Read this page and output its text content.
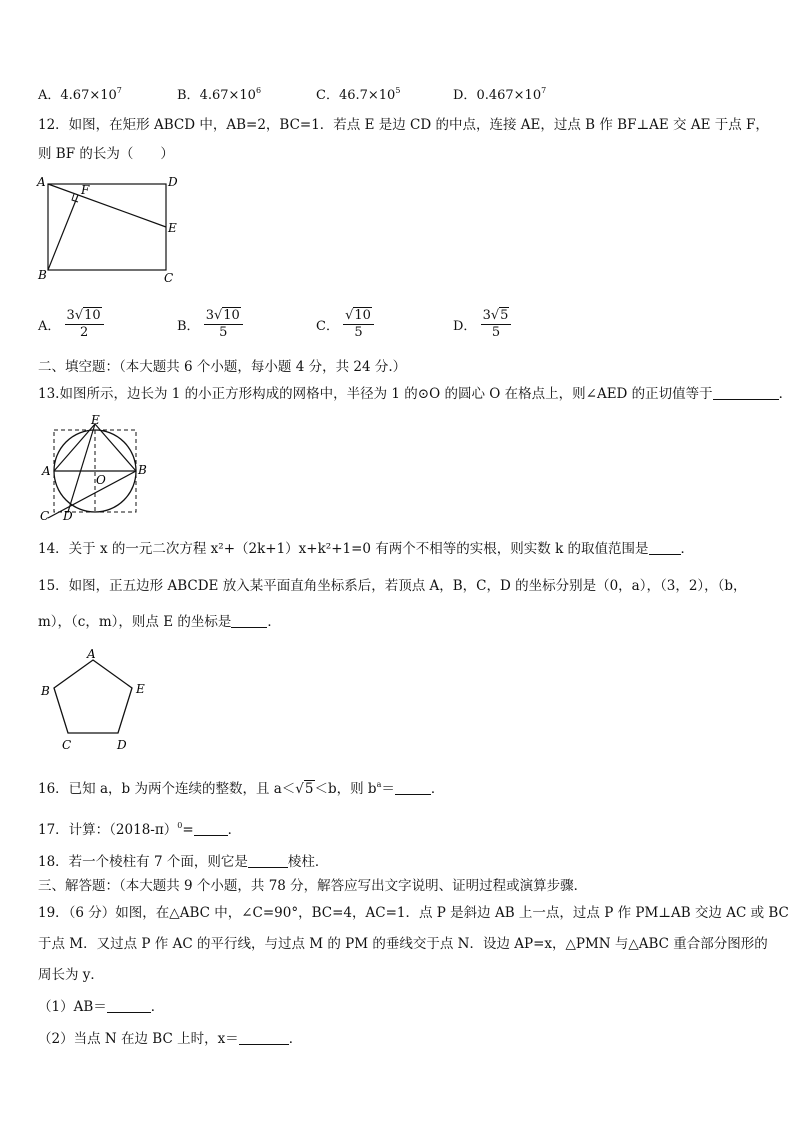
A．$4.67\times 10^7$	B．$4.67\times 10^6$	C．$46.7\times 10^5$	D．$0.467\times 10^7$
12．如图，在矩形 ABCD 中，AB=2，BC=1．若点 E 是边 CD 的中点，连接 AE，过点 B 作 BF⊥AE 交 AE 于点 F，
则 BF 的长为（　　）
A
F
D
E
B	C
A． $\frac{3√10}{2}$	B． $\frac{3√10}{5}$	C． $\frac{√10}{5}$	D． $\frac{3√5}{5}$
二、填空题：（本大题共 6 个小题，每小题 4 分，共 24 分.）
13.如图所示，边长为 1 的小正方形构成的网格中，半径为 1 的⊙O 的圆心 O 在格点上，则∠AED 的正切值等于	．
E
A	B
O
C D
14．关于 x 的一元二次方程 x²+（2k+1）x+k²+1=0 有两个不相等的实根，则实数 k 的取值范围是 ．
15．如图，正五边形 ABCDE 放入某平面直角坐标系后，若顶点 A，B，C，D 的坐标分别是（0，a），（3，2），（b，
m），（c，m），则点 E 的坐标是	．
A
B	E
C	D
16．已知 a，b 为两个连续的整数，且 a＜√5＜b，则 $b^a=$	．
17．计算：$(2018-\pi)^0=$	．
18．若一个棱柱有 7 个面，则它是	棱柱．
三、解答题：（本大题共 9 个小题，共 78 分，解答应写出文字说明、证明过程或演算步骤．
19．（6 分）如图，在△ABC 中，∠C=90°，BC=4，AC=1．点 P 是斜边 AB 上一点，过点 P 作 PM⊥AB 交边 AC 或 BC
于点 M．又过点 P 作 AC 的平行线，与过点 M 的 PM 的垂线交于点 N．设边 AP=x，△PMN 与△ABC 重合部分图形的
周长为 y．
（1）AB＝	．
（2）当点 N 在边 BC 上时，x＝	．
